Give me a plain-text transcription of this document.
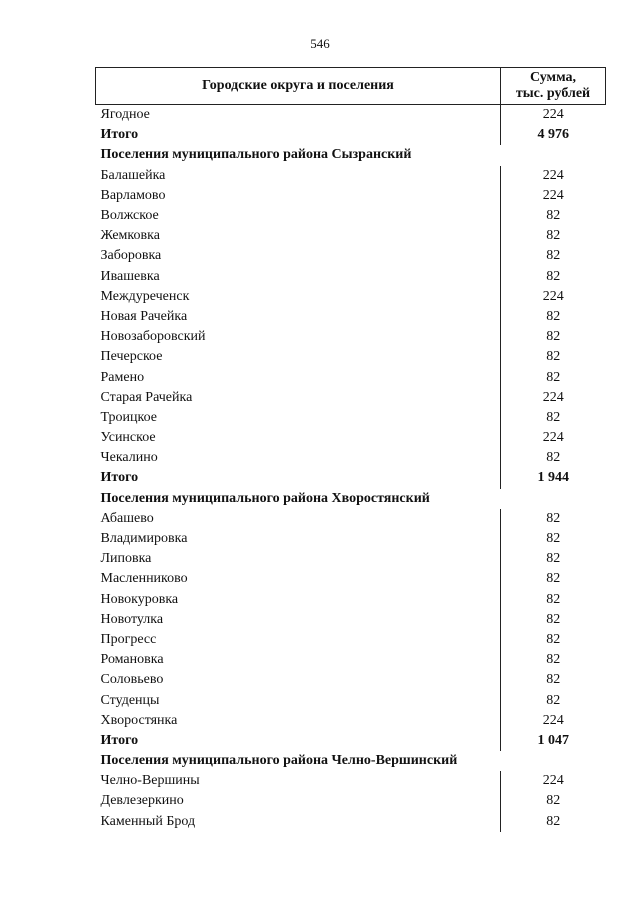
546
Городские округа и поселения	Сумма,
тыс. рублей
Ягодное	224
Итого	4 976
Поселения муниципального района Сызранский	
Балашейка	224
Варламово	224
Волжское	82
Жемковка	82
Заборовка	82
Ивашевка	82
Междуреченск	224
Новая Рачейка	82
Новозаборовский	82
Печерское	82
Рамено	82
Старая Рачейка	224
Троицкое	82
Усинское	224
Чекалино	82
Итого	1 944
Поселения муниципального района Хворостянский	
Абашево	82
Владимировка	82
Липовка	82
Масленниково	82
Новокуровка	82
Новотулка	82
Прогресс	82
Романовка	82
Соловьево	82
Студенцы	82
Хворостянка	224
Итого	1 047
Поселения муниципального района Челно-Вершинский	
Челно-Вершины	224
Девлезеркино	82
Каменный Брод	82
